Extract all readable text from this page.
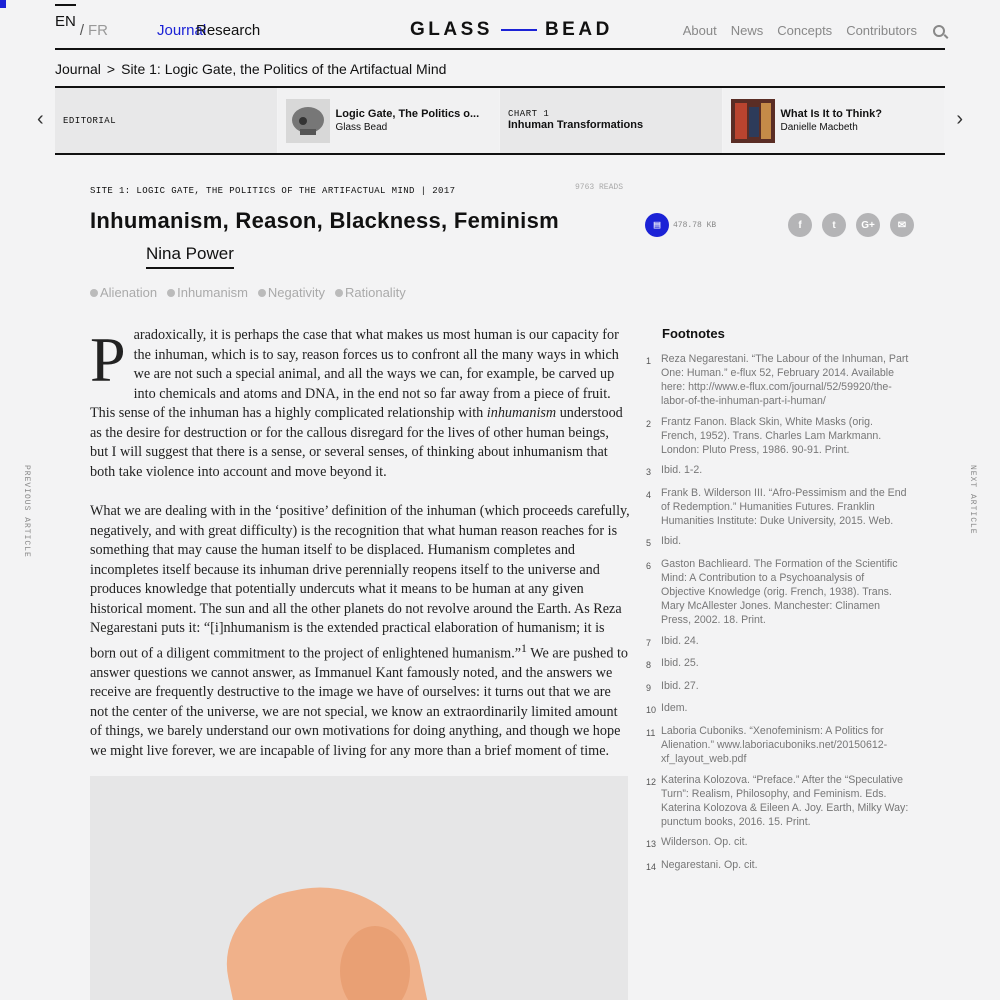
EN/ FR	Journal
Research	GLASS	BEAD	About News Concepts Contributors
Journal > Site 1: Logic Gate, the Politics of the Artifactual Mind
‹	›
EDITORIAL
Logic Gate, The Politics o...
Glass Bead
CHART 1
Inhuman Transformations
What Is It to Think?
Danielle Macbeth
PREVIOUS ARTICLE	NEXT ARTICLE
SITE 1: LOGIC GATE, THE POLITICS OF THE ARTIFACTUAL MIND | 2017	9763 READS
Inhumanism, Reason, Blackness, Feminism
Nina Power
Alienation	Inhumanism	Negativity	Rationality
▤	478.78 KB	f	t	G+	✉

Paradoxically, it is perhaps the case that what makes us most human is our capacity for the inhuman, which is to say, reason forces us to confront all the many ways in which we are not such a special animal, and all the ways we can, for example, be carved up into chemicals and atoms and DNA, in the end not so far away from a piece of fruit. This sense of the inhuman has a highly complicated relationship with inhumanism understood as the desire for destruction or for the callous disregard for the lives of other human beings, but I will suggest that there is a sense, or several senses, of thinking about inhumanism that both take violence into account and move beyond it.

What we are dealing with in the ‘positive’ definition of the inhuman (which proceeds carefully, negatively, and with great difficulty) is the recognition that what human reason reaches for is something that may cause the human itself to be displaced. Humanism completes and incompletes itself because its inhuman drive perennially reopens itself to the universe and produces knowledge that potentially undercuts what it means to be human at any given historical moment. The sun and all the other planets do not revolve around the Earth. As Reza Negarestani puts it: “[i]nhumanism is the extended practical elaboration of humanism; it is born out of a diligent commitment to the project of enlightened humanism.”$^1$ We are pushed to answer questions we cannot answer, as Immanuel Kant famously noted, and the answers we receive are frequently destructive to the image we have of ourselves: it turns out that we are not the center of the universe, we are not special, we know an extraordinarily limited amount of things, we barely understand our own motivations for doing anything, and though we hope we might live forever, we are incapable of living for any more than a brief moment of time.

Footnotes
1 Reza Negarestani. “The Labour of the Inhuman, Part One: Human.” e-flux 52, February 2014. Available here: http://www.e-flux.com/journal/52/59920/the-labor-of-the-inhuman-part-i-human/
2 Frantz Fanon. Black Skin, White Masks (orig. French, 1952). Trans. Charles Lam Markmann. London: Pluto Press, 1986. 90-91. Print.
3 Ibid. 1-2.
4 Frank B. Wilderson III. “Afro-Pessimism and the End of Redemption.” Humanities Futures. Franklin Humanities Institute: Duke University, 2015. Web.
5 Ibid.
6 Gaston Bachlieard. The Formation of the Scientific Mind: A Contribution to a Psychoanalysis of Objective Knowledge (orig. French, 1938). Trans. Mary McAllester Jones. Manchester: Clinamen Press, 2002. 18. Print.
7 Ibid. 24.
8 Ibid. 25.
9 Ibid. 27.
10 Idem.
11 Laboria Cuboniks. “Xenofeminism: A Politics for Alienation.” www.laboriacuboniks.net/20150612-xf_layout_web.pdf
12 Katerina Kolozova. “Preface.” After the “Speculative Turn”: Realism, Philosophy, and Feminism. Eds. Katerina Kolozova & Eileen A. Joy. Earth, Milky Way: punctum books, 2016. 15. Print.
13 Wilderson. Op. cit.
14 Negarestani. Op. cit.
